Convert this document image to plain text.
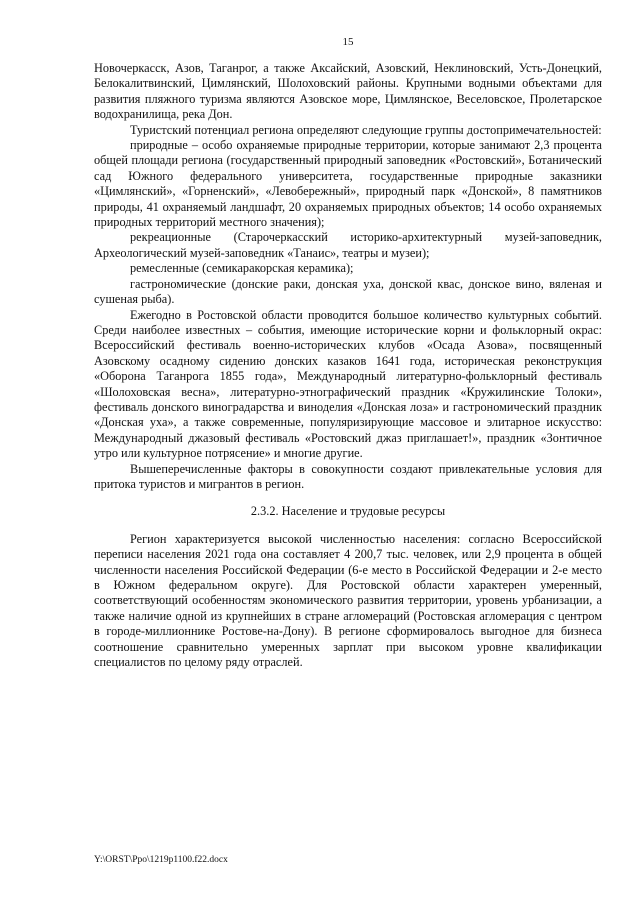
15

Новочеркасск, Азов, Таганрог, а также Аксайский, Азовский, Неклиновский, Усть-Донецкий, Белокалитвинский, Цимлянский, Шолоховский районы. Крупными водными объектами для развития пляжного туризма являются Азовское море, Цимлянское, Веселовское, Пролетарское водохранилища, река Дон.

Туристский потенциал региона определяют следующие группы достопримечательностей:

природные – особо охраняемые природные территории, которые занимают 2,3 процента общей площади региона (государственный природный заповедник «Ростовский», Ботанический сад Южного федерального университета, государственные природные заказники «Цимлянский», «Горненский», «Левобережный», природный парк «Донской», 8 памятников природы, 41 охраняемый ландшафт, 20 охраняемых природных объектов; 14 особо охраняемых природных территорий местного значения);

рекреационные (Старочеркасский историко-архитектурный музей-заповедник, Археологический музей-заповедник «Танаис», театры и музеи);

ремесленные (семикаракорская керамика);

гастрономические (донские раки, донская уха, донской квас, донское вино, вяленая и сушеная рыба).

Ежегодно в Ростовской области проводится большое количество культурных событий. Среди наиболее известных – события, имеющие исторические корни и фольклорный окрас: Всероссийский фестиваль военно-исторических клубов «Осада Азова», посвященный Азовскому осадному сидению донских казаков 1641 года, историческая реконструкция «Оборона Таганрога 1855 года», Международный литературно-фольклорный фестиваль «Шолоховская весна», литературно-этнографический праздник «Кружилинские Толоки», фестиваль донского виноградарства и виноделия «Донская лоза» и гастрономический праздник «Донская уха», а также современные, популяризирующие массовое и элитарное искусство: Международный джазовый фестиваль «Ростовский джаз приглашает!», праздник «Зонтичное утро или культурное потрясение» и многие другие.

Вышеперечисленные факторы в совокупности создают привлекательные условия для притока туристов и мигрантов в регион.

2.3.2. Население и трудовые ресурсы

Регион характеризуется высокой численностью населения: согласно Всероссийской переписи населения 2021 года она составляет 4 200,7 тыс. человек, или 2,9 процента в общей численности населения Российской Федерации (6-е место в Российской Федерации и 2-е место в Южном федеральном округе). Для Ростовской области характерен умеренный, соответствующий особенностям экономического развития территории, уровень урбанизации, а также наличие одной из крупнейших в стране агломераций (Ростовская агломерация с центром в городе-миллионнике Ростове-на-Дону). В регионе сформировалось выгодное для бизнеса соотношение сравнительно умеренных зарплат при высоком уровне квалификации специалистов по целому ряду отраслей.

Y:\ORST\Ppo\1219p1100.f22.docx
